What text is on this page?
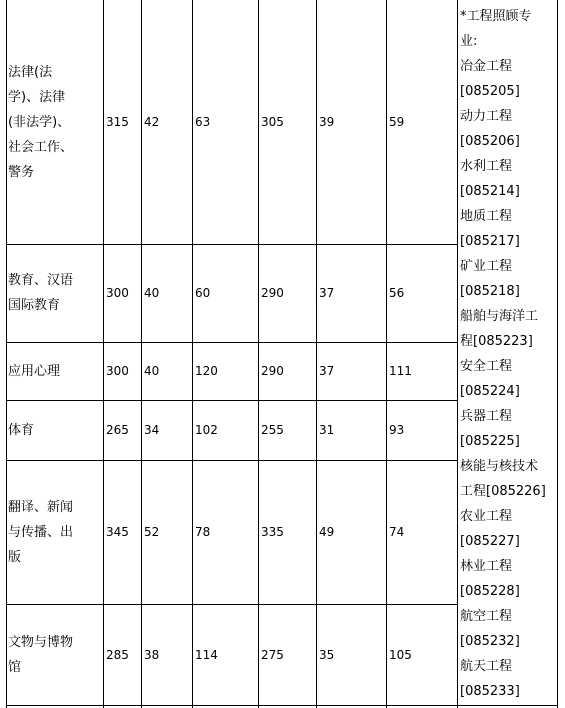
法律(法
学)、法律
(非法学)、
社会工作、
警务
315	42	63	305	39	59
教育、汉语
国际教育
300	40	60	290	37	56
应用心理	300	40	120	290	37	111
体育	265	34	102	255	31	93
翻译、新闻
与传播、出
版
345	52	78	335	49	74
文物与博物
馆
285	38	114	275	35	105
*工程照顾专
业:
冶金工程
[085205]
动力工程
[085206]
水利工程
[085214]
地质工程
[085217]
矿业工程
[085218]
船舶与海洋工
程[085223]
安全工程
[085224]
兵器工程
[085225]
核能与核技术
工程[085226]
农业工程
[085227]
林业工程
[085228]
航空工程
[085232]
航天工程
[085233]
